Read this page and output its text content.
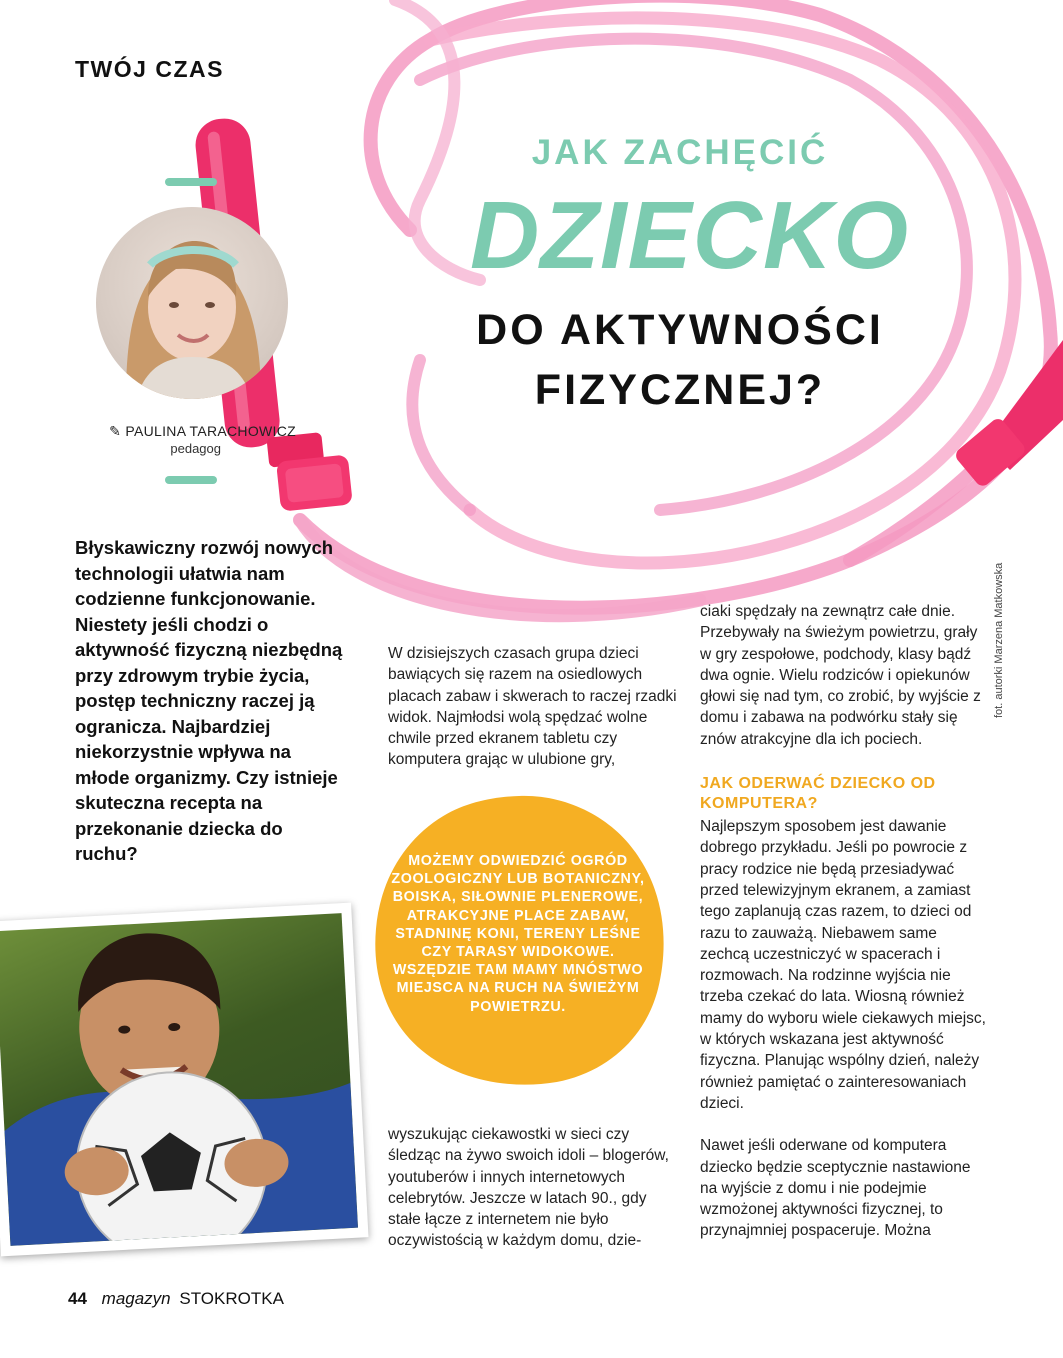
TWÓJ CZAS
✎ PAULINA TARACHOWICZ
pedagog
JAK ZACHĘCIĆ
DZIECKO
DO AKTYWNOŚCI
FIZYCZNEJ?
fot. autorki Marzena Matkowska
Błyskawiczny rozwój nowych technologii ułatwia nam codzienne funkcjonowanie. Niestety jeśli chodzi o aktywność fizyczną niezbędną przy zdrowym trybie życia, postęp techniczny raczej ją ogranicza. Najbardziej niekorzystnie wpływa na młode organizmy. Czy istnieje skuteczna recepta na przekonanie dziecka do ruchu?
W dzisiejszych czasach grupa dzieci bawiących się razem na osiedlowych placach zabaw i skwerach to raczej rzadki widok. Najmłodsi wolą spędzać wolne chwile przed ekranem tabletu czy komputera grając w ulubione gry,
MOŻEMY ODWIEDZIĆ OGRÓD ZOOLOGICZNY LUB BOTANICZNY, BOISKA, SIŁOWNIE PLENEROWE, ATRAKCYJNE PLACE ZABAW, STADNINĘ KONI, TERENY LEŚNE CZY TARASY WIDOKOWE. WSZĘDZIE TAM MAMY MNÓSTWO MIEJSCA NA RUCH NA ŚWIEŻYM POWIETRZU.
wyszukując ciekawostki w sieci czy śledząc na żywo swoich idoli – blogerów, youtuberów i innych internetowych celebrytów. Jeszcze w latach 90., gdy stałe łącze z internetem nie było oczywistością w każdym domu, dzie-
ciaki spędzały na zewnątrz całe dnie. Przebywały na świeżym powietrzu, grały w gry zespołowe, podchody, klasy bądź dwa ognie. Wielu rodziców i opiekunów głowi się nad tym, co zrobić, by wyjście z domu i zabawa na podwórku stały się znów atrakcyjne dla ich pociech.
JAK ODERWAĆ DZIECKO OD KOMPUTERA?
Najlepszym sposobem jest dawanie dobrego przykładu. Jeśli po powrocie z pracy rodzice nie będą przesiadywać przed telewizyjnym ekranem, a zamiast tego zaplanują czas razem, to dzieci od razu to zauważą. Niebawem same zechcą uczestniczyć w spacerach i rozmowach. Na rodzinne wyjścia nie trzeba czekać do lata. Wiosną również mamy do wyboru wiele ciekawych miejsc, w których wskazana jest aktywność fizyczna. Planując wspólny dzień, należy również pamiętać o zainteresowaniach dzieci.
Nawet jeśli oderwane od komputera dziecko będzie sceptycznie nastawione na wyjście z domu i nie podejmie wzmożonej aktywności fizycznej, to przynajmniej pospaceruje. Można
44 magazyn STOKROTKA
